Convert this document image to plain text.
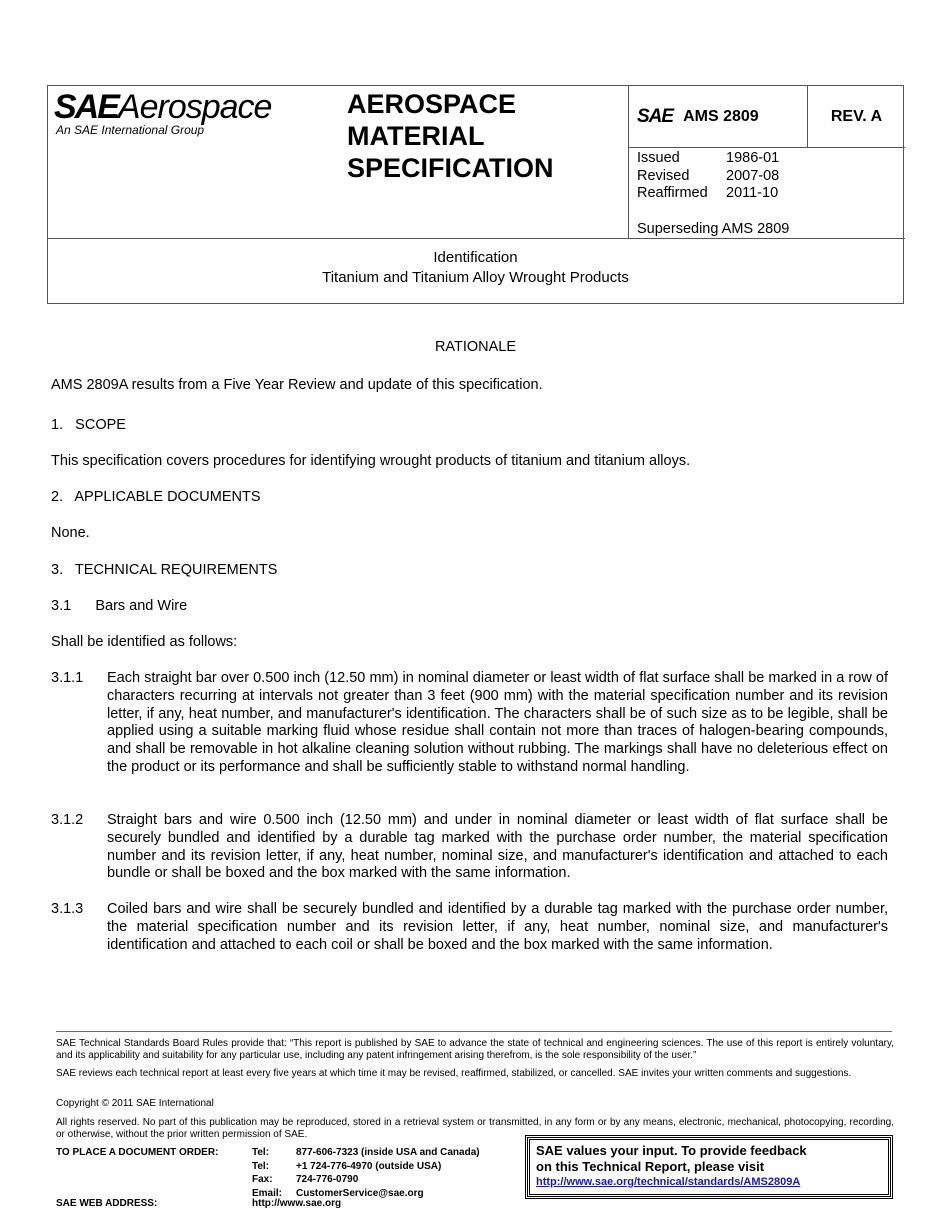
SAEAerospace
An SAE International Group
AEROSPACE
MATERIAL
SPECIFICATION
SAE AMS 2809	REV. A
Issued	1986-01
Revised	2007-08
Reaffirmed	2011-10
Superseding AMS 2809
Identification
Titanium and Titanium Alloy Wrought Products
RATIONALE
AMS 2809A results from a Five Year Review and update of this specification.
1.   SCOPE
This specification covers procedures for identifying wrought products of titanium and titanium alloys.
2.   APPLICABLE DOCUMENTS
None.
3.   TECHNICAL REQUIREMENTS
3.1      Bars and Wire
Shall be identified as follows:
3.1.1	Each straight bar over 0.500 inch (12.50 mm) in nominal diameter or least width of flat surface shall be marked in a row of characters recurring at intervals not greater than 3 feet (900 mm) with the material specification number and its revision letter, if any, heat number, and manufacturer's identification. The characters shall be of such size as to be legible, shall be applied using a suitable marking fluid whose residue shall contain not more than traces of halogen-bearing compounds, and shall be removable in hot alkaline cleaning solution without rubbing. The markings shall have no deleterious effect on the product or its performance and shall be sufficiently stable to withstand normal handling.
3.1.2	Straight bars and wire 0.500 inch (12.50 mm) and under in nominal diameter or least width of flat surface shall be securely bundled and identified by a durable tag marked with the purchase order number, the material specification number and its revision letter, if any, heat number, nominal size, and manufacturer's identification and attached to each bundle or shall be boxed and the box marked with the same information.
3.1.3	Coiled bars and wire shall be securely bundled and identified by a durable tag marked with the purchase order number, the material specification number and its revision letter, if any, heat number, nominal size, and manufacturer's identification and attached to each coil or shall be boxed and the box marked with the same information.
SAE Technical Standards Board Rules provide that: “This report is published by SAE to advance the state of technical and engineering sciences. The use of this report is entirely voluntary, and its applicability and suitability for any particular use, including any patent infringement arising therefrom, is the sole responsibility of the user.”
SAE reviews each technical report at least every five years at which time it may be revised, reaffirmed, stabilized, or cancelled. SAE invites your written comments and suggestions.
Copyright © 2011 SAE International
All rights reserved. No part of this publication may be reproduced, stored in a retrieval system or transmitted, in any form or by any means, electronic, mechanical, photocopying, recording, or otherwise, without the prior written permission of SAE.
TO PLACE A DOCUMENT ORDER:	Tel:	877-606-7323 (inside USA and Canada)
Tel:	+1 724-776-4970 (outside USA)
Fax:	724-776-0790
Email:	CustomerService@sae.org
SAE WEB ADDRESS:	http://www.sae.org
SAE values your input. To provide feedback
on this Technical Report, please visit
http://www.sae.org/technical/standards/AMS2809A
